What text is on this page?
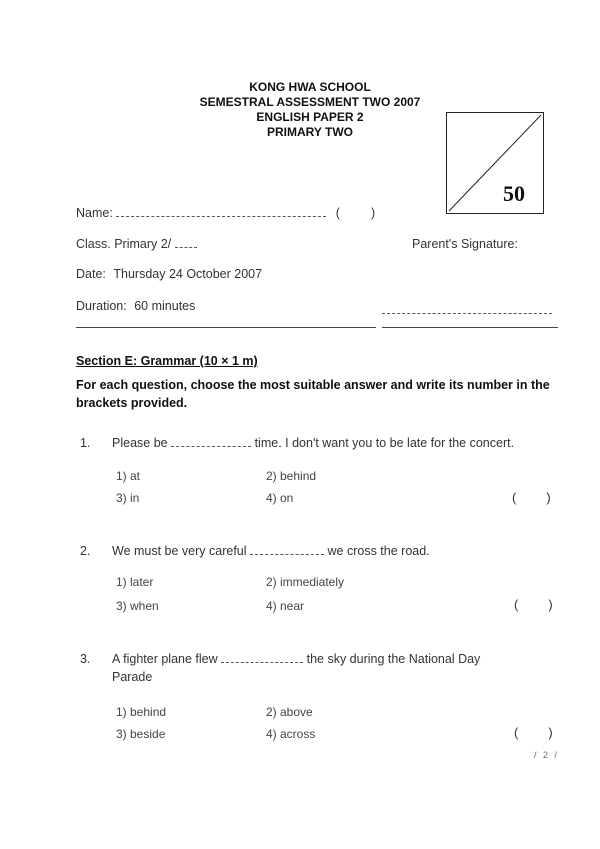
KONG HWA SCHOOL
SEMESTRAL ASSESSMENT TWO 2007
ENGLISH PAPER 2
PRIMARY TWO
50
Name:	( )
Class. Primary 2/	Parent's Signature:
Date: Thursday 24 October 2007
Duration: 60 minutes
Section E: Grammar (10 × 1 m)
For each question, choose the most suitable answer and write its number in the brackets provided.
1. Please be	time. I don't want you to be late for the concert.
1) at	2) behind
3) in	4) on	( )
2. We must be very careful	we cross the road.
1) later	2) immediately
3) when	4) near	( )
3. A fighter plane flew	the sky during the National Day
Parade
1) behind	2) above
3) beside	4) across	( )
/ 2 /
